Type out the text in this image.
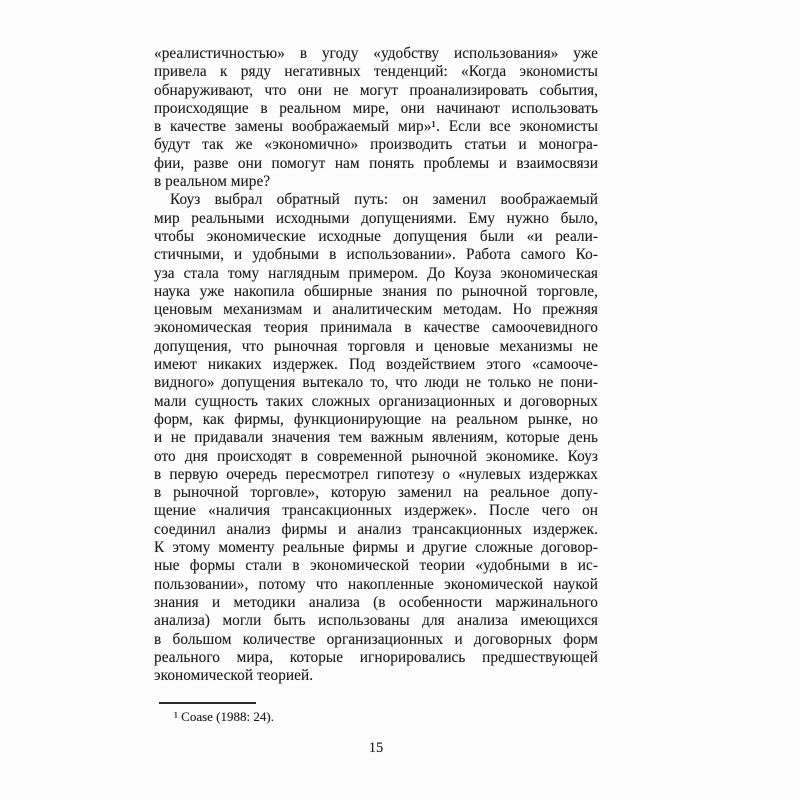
«реалистичностью» в угоду «удобству использования» уже
привела к ряду негативных тенденций: «Когда экономисты
обнаруживают, что они не могут проанализировать события,
происходящие в реальном мире, они начинают использовать
в качестве замены воображаемый мир»¹. Если все экономисты
будут так же «экономично» производить статьи и моногра-
фии, разве они помогут нам понять проблемы и взаимосвязи
в реальном мире?
Коуз выбрал обратный путь: он заменил воображаемый
мир реальными исходными допущениями. Ему нужно было,
чтобы экономические исходные допущения были «и реали-
стичными, и удобными в использовании». Работа самого Ко-
уза стала тому наглядным примером. До Коуза экономическая
наука уже накопила обширные знания по рыночной торговле,
ценовым механизмам и аналитическим методам. Но прежняя
экономическая теория принимала в качестве самоочевидного
допущения, что рыночная торговля и ценовые механизмы не
имеют никаких издержек. Под воздействием этого «самооче-
видного» допущения вытекало то, что люди не только не пони-
мали сущность таких сложных организационных и договорных
форм, как фирмы, функционирующие на реальном рынке, но
и не придавали значения тем важным явлениям, которые день
ото дня происходят в современной рыночной экономике. Коуз
в первую очередь пересмотрел гипотезу о «нулевых издержках
в рыночной торговле», которую заменил на реальное допу-
щение «наличия трансакционных издержек». После чего он
соединил анализ фирмы и анализ трансакционных издержек.
К этому моменту реальные фирмы и другие сложные договор-
ные формы стали в экономической теории «удобными в ис-
пользовании», потому что накопленные экономической наукой
знания и методики анализа (в особенности маржинального
анализа) могли быть использованы для анализа имеющихся
в большом количестве организационных и договорных форм
реального мира, которые игнорировались предшествующей
экономической теорией.
¹ Coase (1988: 24).
15
